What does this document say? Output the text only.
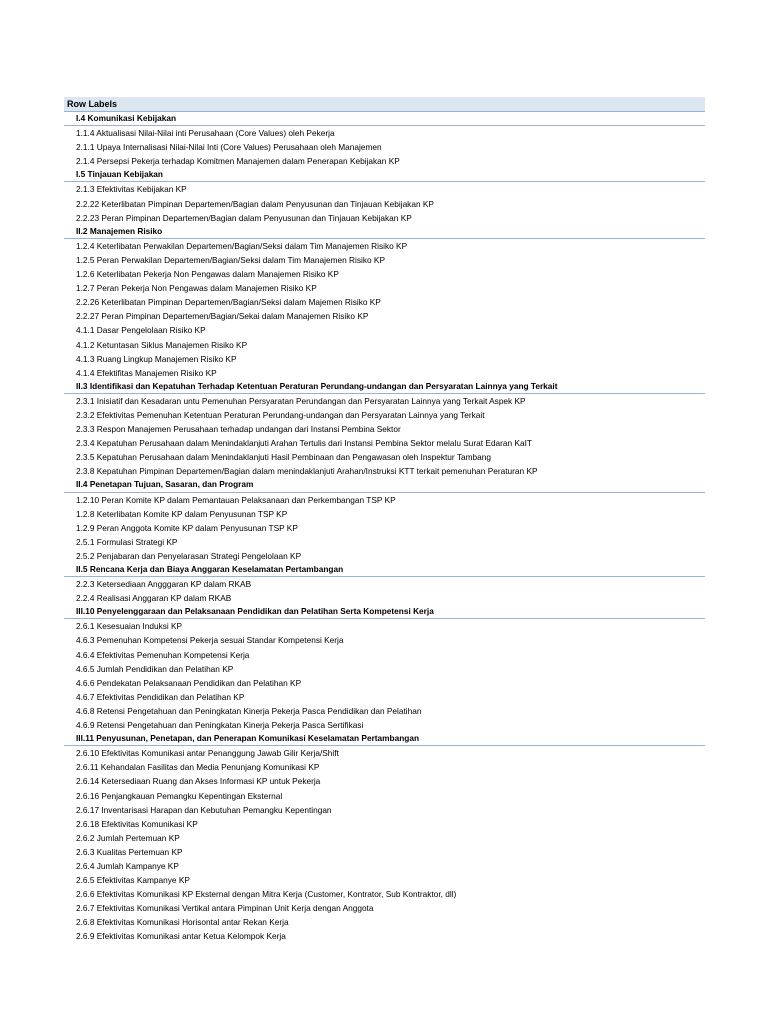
Row Labels
I.4 Komunikasi Kebijakan
1.1.4 Aktualisasi Nilai-Nilai inti Perusahaan (Core Values) oleh Pekerja
2.1.1 Upaya Internalisasi Nilai-Nilai Inti (Core Values) Perusahaan oleh Manajemen
2.1.4 Persepsi Pekerja terhadap Komitmen Manajemen dalam Penerapan Kebijakan KP
I.5 Tinjauan Kebijakan
2.1.3 Efektivitas Kebijakan KP
2.2.22 Keterlibatan Pimpinan Departemen/Bagian dalam Penyusunan dan Tinjauan Kebijakan KP
2.2.23 Peran Pimpinan Departemen/Bagian dalam Penyusunan dan Tinjauan Kebijakan KP
II.2 Manajemen Risiko
1.2.4 Keterlibatan Perwakilan Departemen/Bagian/Seksi dalam Tim Manajemen Risiko KP
1.2.5 Peran Perwakilan Departemen/Bagian/Seksi dalam Tim Manajemen Risiko KP
1.2.6 Keterlibatan Pekerja Non Pengawas dalam Manajemen Risiko KP
1.2.7 Peran Pekerja Non Pengawas dalam Manajemen Risiko KP
2.2.26 Keterlibatan Pimpinan Departemen/Bagian/Seksi dalam Majemen Risiko KP
2.2.27 Peran Pimpinan Departemen/Bagian/Sekai dalam Manajemen Risiko KP
4.1.1 Dasar Pengelolaan Risiko KP
4.1.2 Ketuntasan Siklus Manajemen Risiko KP
4.1.3 Ruang Lingkup Manajemen Risiko KP
4.1.4 Efektifitas Manajemen Risiko KP
II.3 Identifikasi dan Kepatuhan Terhadap Ketentuan Peraturan Perundang-undangan dan Persyaratan Lainnya yang Terkait
2.3.1 Inisiatif dan Kesadaran untu Pemenuhan Persyaratan Perundangan dan Persyaratan Lainnya yang Terkait Aspek KP
2.3.2 Efektivitas Pemenuhan Ketentuan Peraturan Perundang-undangan dan Persyaratan Lainnya yang Terkait
2.3.3 Respon Manajemen Perusahaan terhadap undangan dari Instansi Pembina Sektor
2.3.4 Kepatuhan Perusahaan dalam Menindaklanjuti Arahan Tertulis dari Instansi Pembina Sektor melalu Surat Edaran KaIT
2.3.5 Kepatuhan Perusahaan dalam Menindaklanjuti Hasil Pembinaan dan Pengawasan oleh Inspektur Tambang
2.3.8 Kepatuhan Pimpinan Departemen/Bagian dalam menindaklanjuti Arahan/Instruksi KTT terkait pemenuhan Peraturan KP
II.4 Penetapan Tujuan, Sasaran, dan Program
1.2.10 Peran Komite KP dalam Pemantauan Pelaksanaan dan Perkembangan TSP KP
1.2.8 Keterlibatan Komite KP dalam Penyusunan TSP KP
1.2.9 Peran Anggota Komite KP dalam Penyusunan TSP KP
2.5.1 Formulasi Strategi KP
2.5.2 Penjabaran dan Penyelarasan Strategi Pengelolaan KP
II.5 Rencana Kerja dan Biaya Anggaran Keselamatan Pertambangan
2.2.3 Ketersediaan Angggaran KP dalam RKAB
2.2.4 Realisasi Anggaran KP dalam RKAB
III.10 Penyelenggaraan dan Pelaksanaan Pendidikan dan Pelatihan Serta Kompetensi Kerja
2.6.1 Kesesuaian Induksi KP
4.6.3 Pemenuhan Kompetensi Pekerja sesuai Standar Kompetensi Kerja
4.6.4 Efektivitas Pemenuhan Kompetensi Kerja
4.6.5 Jumlah Pendidikan dan Pelatihan KP
4.6.6 Pendekatan Pelaksanaan Pendidikan dan Pelatihan KP
4.6.7 Efektivitas Pendidikan dan Pelatihan KP
4.6.8 Retensi Pengetahuan dan Peningkatan Kinerja Pekerja Pasca Pendidikan dan Pelatihan
4.6.9 Retensi Pengetahuan dan Peningkatan Kinerja Pekerja Pasca Sertifikasi
III.11 Penyusunan, Penetapan, dan Penerapan Komunikasi Keselamatan Pertambangan
2.6.10 Efektivitas Komunikasi antar Penanggung Jawab Gilir Kerja/Shift
2.6.11 Kehandalan Fasilitas dan Media Penunjang Komunikasi KP
2.6.14 Ketersediaan Ruang dan Akses Informasi KP untuk Pekerja
2.6.16 Penjangkauan Pemangku Kepentingan Eksternal
2.6.17 Inventarisasi Harapan dan Kebutuhan Pemangku Kepentingan
2.6.18 Efektivitas Komunikasi KP
2.6.2 Jumlah Pertemuan KP
2.6.3 Kualitas Pertemuan KP
2.6.4 Jumlah Kampanye KP
2.6.5 Efektivitas Kampanye KP
2.6.6 Efektivitas Komunikasi KP Eksternal dengan Mitra Kerja (Customer, Kontrator, Sub Kontraktor, dll)
2.6.7 Efektivitas Komunikasi Vertikal antara Pimpinan Unit Kerja dengan Anggota
2.6.8 Efektivitas Komunikasi Horisontal antar Rekan Kerja
2.6.9 Efektivitas Komunikasi antar Ketua Kelompok Kerja
